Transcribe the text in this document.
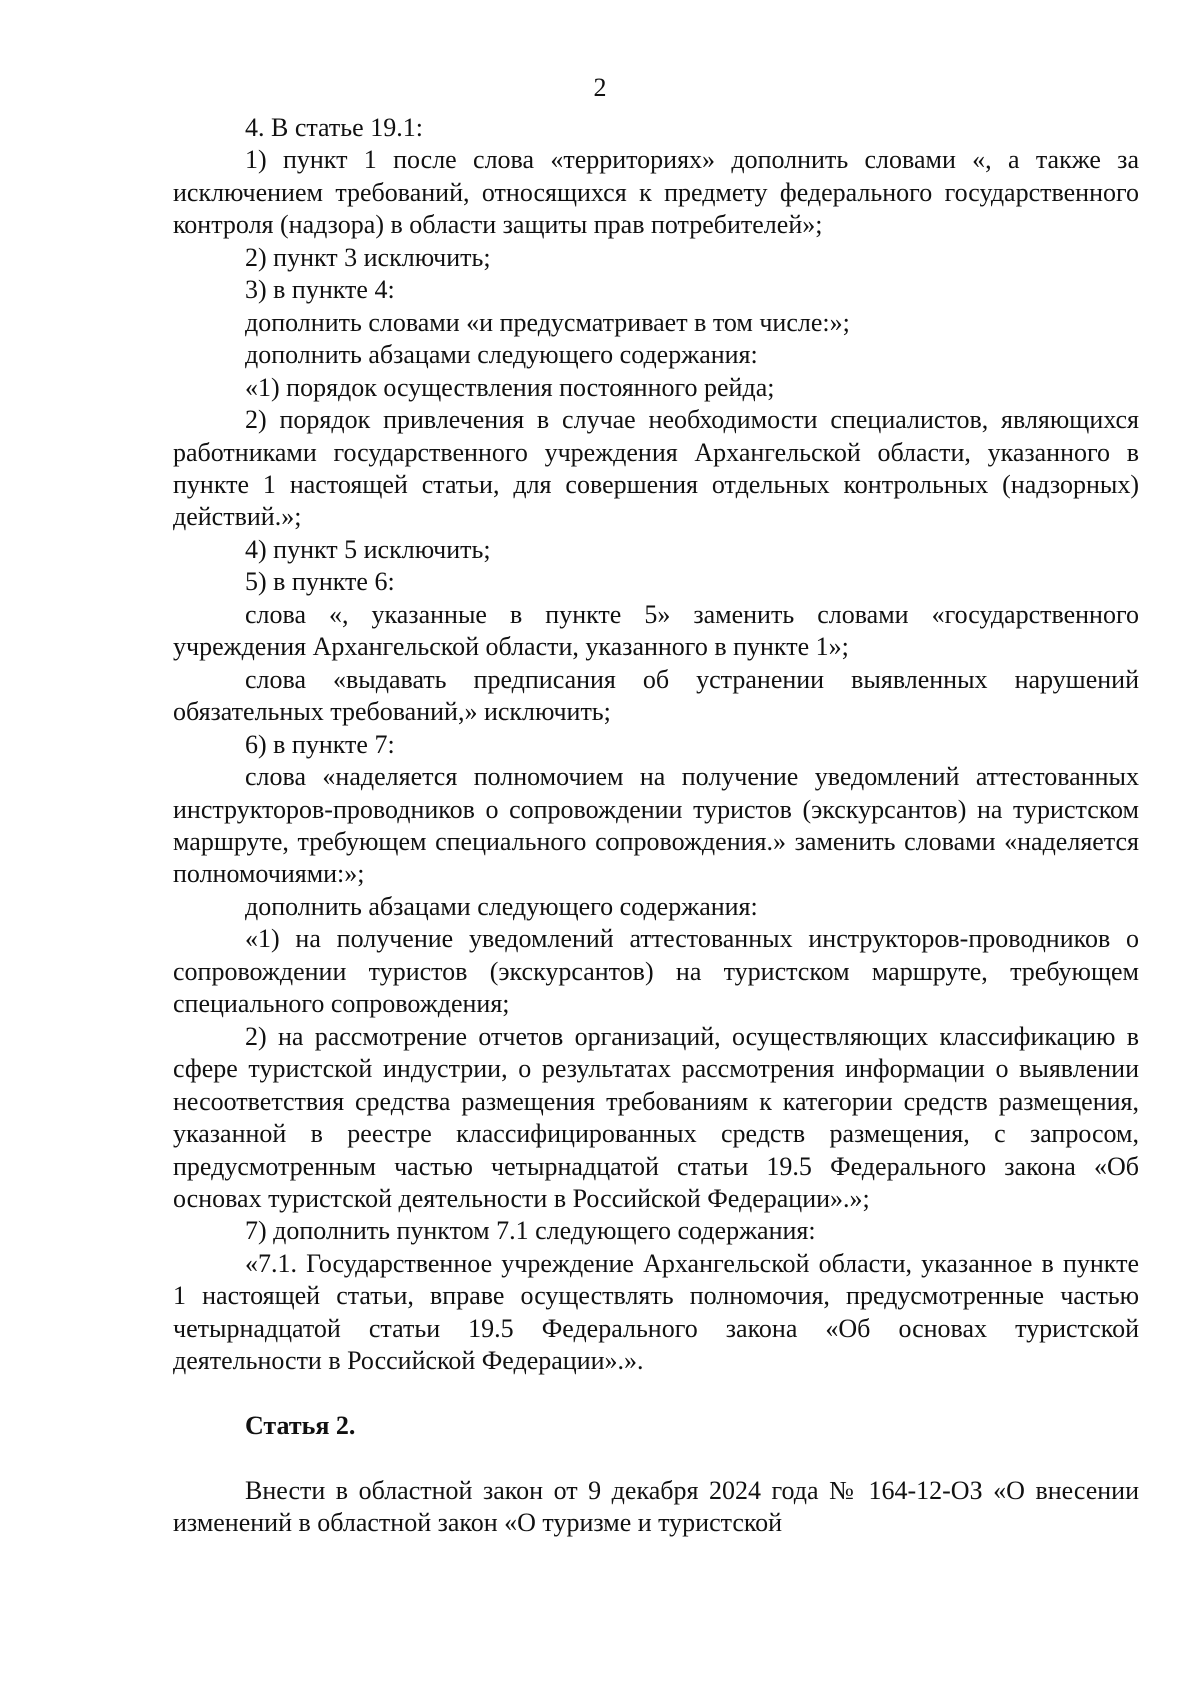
2

4. В статье 19.1:

1) пункт 1 после слова «территориях» дополнить словами «, а также за исключением требований, относящихся к предмету федерального государственного контроля (надзора) в области защиты прав потребителей»;

2) пункт 3 исключить;

3) в пункте 4:

дополнить словами «и предусматривает в том числе:»;

дополнить абзацами следующего содержания:

«1) порядок осуществления постоянного рейда;

2) порядок привлечения в случае необходимости специалистов, являющихся работниками государственного учреждения Архангельской области, указанного в пункте 1 настоящей статьи, для совершения отдельных контрольных (надзорных) действий.»;

4) пункт 5 исключить;

5) в пункте 6:

слова «, указанные в пункте 5» заменить словами «государственного учреждения Архангельской области, указанного в пункте 1»;

слова «выдавать предписания об устранении выявленных нарушений обязательных требований,» исключить;

6) в пункте 7:

слова «наделяется полномочием на получение уведомлений аттестованных инструкторов-проводников о сопровождении туристов (экскурсантов) на туристском маршруте, требующем специального сопровождения.» заменить словами «наделяется полномочиями:»;

дополнить абзацами следующего содержания:

«1) на получение уведомлений аттестованных инструкторов-проводников о сопровождении туристов (экскурсантов) на туристском маршруте, требующем специального сопровождения;

2) на рассмотрение отчетов организаций, осуществляющих классификацию в сфере туристской индустрии, о результатах рассмотрения информации о выявлении несоответствия средства размещения требованиям к категории средств размещения, указанной в реестре классифицированных средств размещения, с запросом, предусмотренным частью четырнадцатой статьи 19.5 Федерального закона «Об основах туристской деятельности в Российской Федерации».»;

7) дополнить пунктом 7.1 следующего содержания:

«7.1. Государственное учреждение Архангельской области, указанное в пункте 1 настоящей статьи, вправе осуществлять полномочия, предусмотренные частью четырнадцатой статьи 19.5 Федерального закона «Об основах туристской деятельности в Российской Федерации».».

Статья 2.

Внести в областной закон от 9 декабря 2024 года № 164-12-ОЗ «О внесении изменений в областной закон «О туризме и туристской
